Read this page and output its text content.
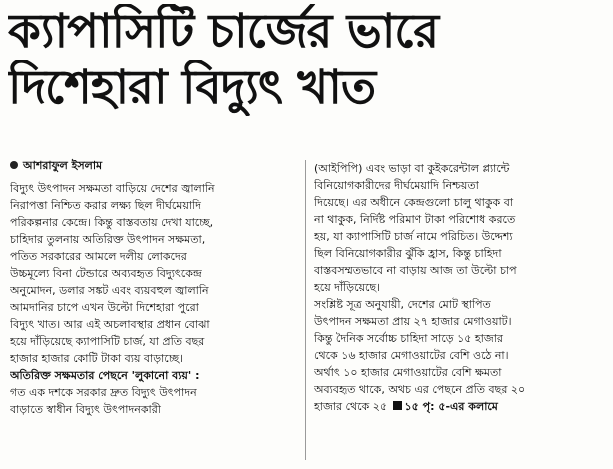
ক্যাপাসিটি চার্জের ভারে
দিশেহারা বিদ্যুৎ খাত
আশরাফুল ইসলাম

বিদ্যুৎ উৎপাদন সক্ষমতা বাড়িয়ে দেশের জ্বালানি
নিরাপত্তা নিশ্চিত করার লক্ষ্য ছিল দীর্ঘমেয়াদি
পরিকল্পনার কেন্দ্রে। কিন্তু বাস্তবতায় দেখা যাচ্ছে,
চাহিদার তুলনায় অতিরিক্ত উৎপাদন সক্ষমতা,
পতিত সরকারের আমলে দলীয় লোকদের
উচ্চমূল্যে বিনা টেন্ডারে অব্যবহৃত বিদ্যুৎকেন্দ্র
অনুমোদন, ডলার সঙ্কট এবং ব্যয়বহুল জ্বালানি
আমদানির চাপে এখন উল্টো দিশেহারা পুরো
বিদ্যুৎ খাত। আর এই অচলাবস্থার প্রধান বোঝা
হয়ে দাঁড়িয়েছে ক্যাপাসিটি চার্জ, যা প্রতি বছর
হাজার হাজার কোটি টাকা ব্যয় বাড়াচ্ছে।

অতিরিক্ত সক্ষমতার পেছনে 'লুকানো ব্যয়' :

গত এক দশকে সরকার দ্রুত বিদ্যুৎ উৎপাদন
বাড়াতে স্বাধীন বিদ্যুৎ উৎপাদনকারী

(আইপিপি) এবং ভাড়া বা কুইকরেন্টাল প্ল্যান্টে
বিনিয়োগকারীদের দীর্ঘমেয়াদি নিশ্চয়তা
দিয়েছে। এর অধীনে কেন্দ্রগুলো চালু থাকুক বা
না থাকুক, নির্দিষ্ট পরিমাণ টাকা পরিশোধ করতে
হয়, যা ক্যাপাসিটি চার্জ নামে পরিচিত। উদ্দেশ্য
ছিল বিনিয়োগকারীর ঝুঁকি হ্রাস, কিন্তু চাহিদা
বাস্তবসম্মতভাবে না বাড়ায় আজ তা উল্টো চাপ
হয়ে দাঁড়িয়েছে।

সংশ্লিষ্ট সূত্র অনুযায়ী, দেশের মোট স্থাপিত
উৎপাদন সক্ষমতা প্রায় ২৭ হাজার মেগাওয়াট।
কিন্তু দৈনিক সর্বোচ্চ চাহিদা সাড়ে ১৫ হাজার
থেকে ১৬ হাজার মেগাওয়াটের বেশি ওঠে না।
অর্থাৎ ১০ হাজার মেগাওয়াটের বেশি ক্ষমতা
অব্যবহৃত থাকে, অথচ এর পেছনে প্রতি বছর ২০
হাজার থেকে ২৫ ১৫ পৃ: ৫-এর কলামে
